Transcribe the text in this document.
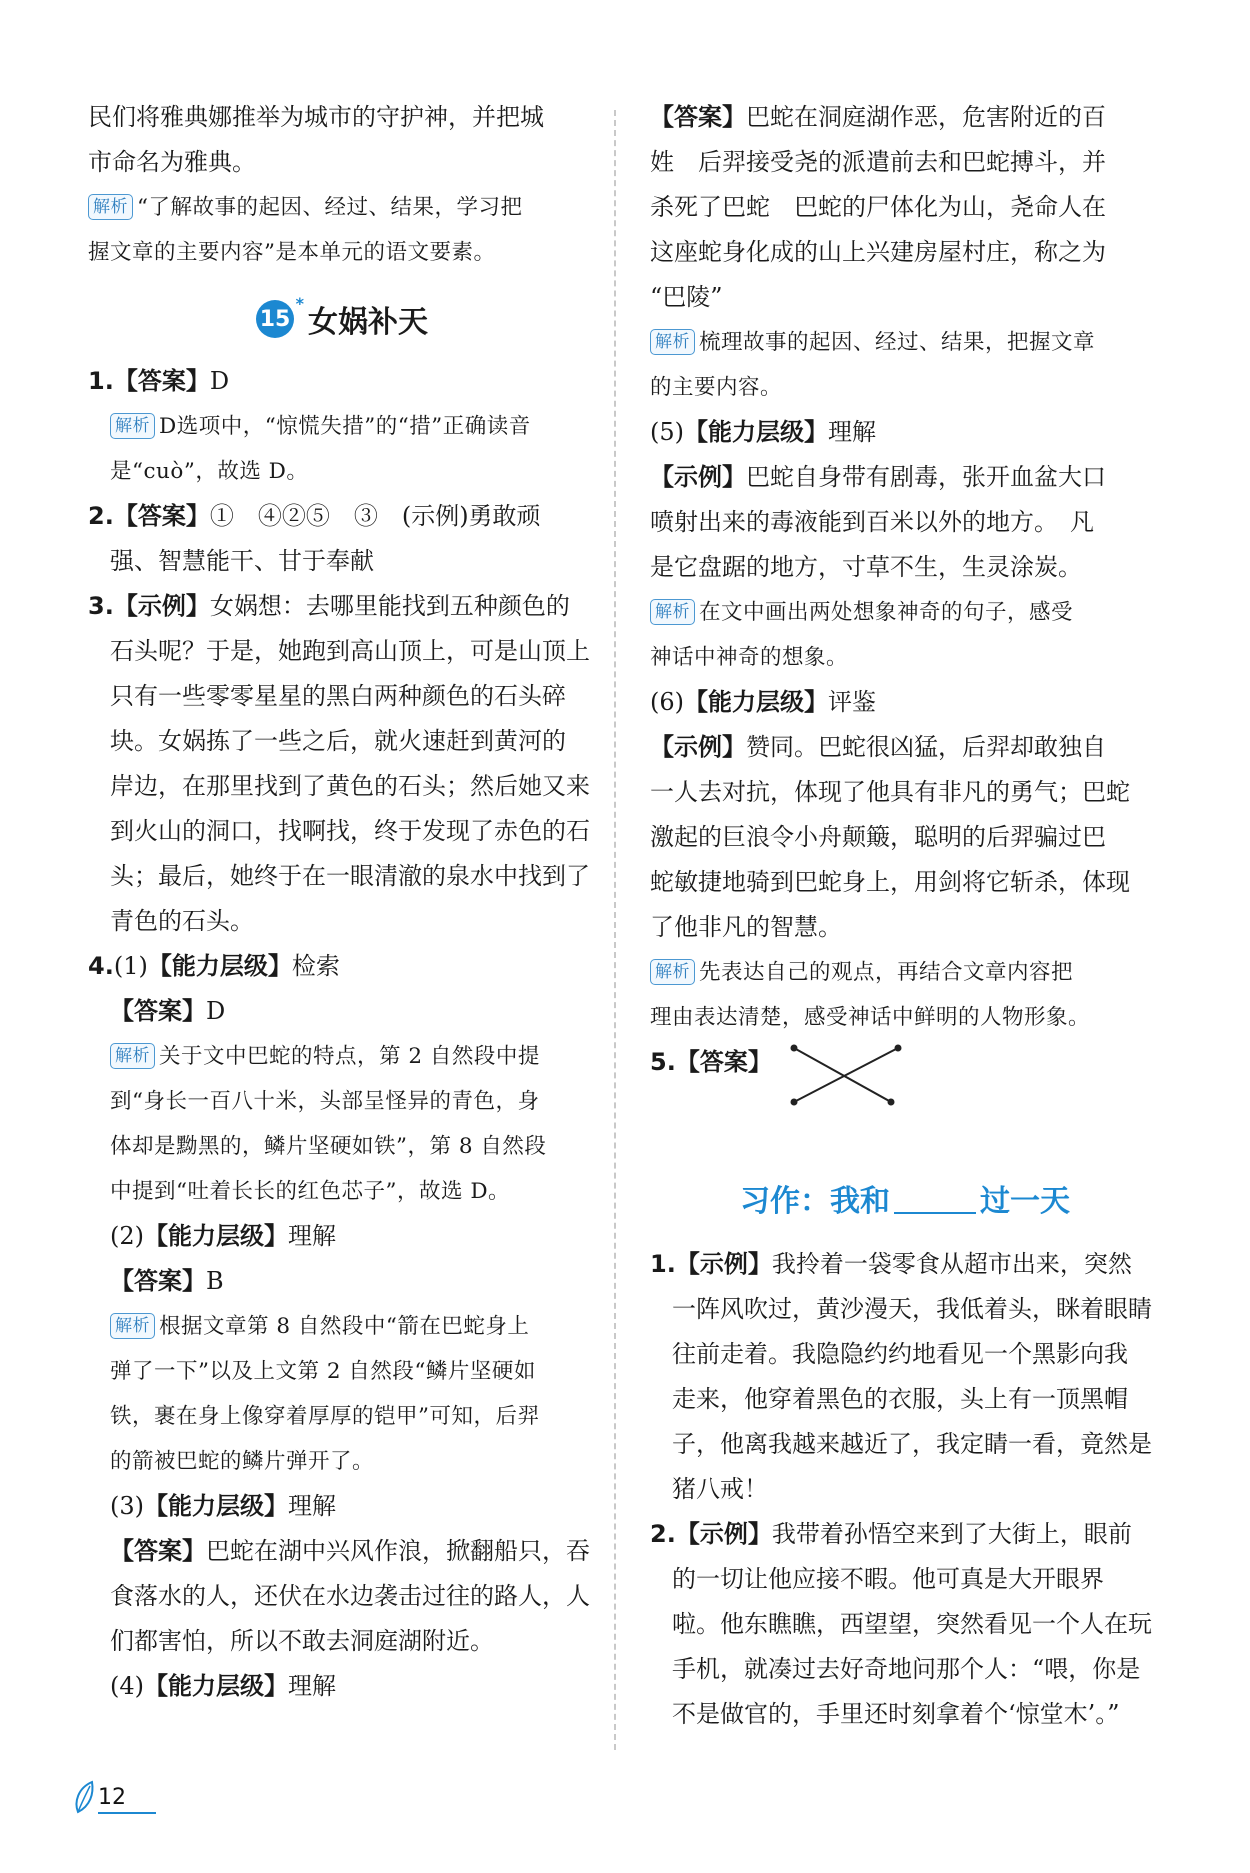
民们将雅典娜推举为城市的守护神，并把城

市命名为雅典。

解析 “了解故事的起因、经过、结果，学习把

握文章的主要内容”是本单元的语文要素。

15
*
女娲补天

1.【答案】D

解析 D选项中，“惊慌失措”的“措”正确读音

是“cuò”，故选 D。

2.【答案】①　④②⑤　③　(示例)勇敢顽

强、智慧能干、甘于奉献

3.【示例】女娲想：去哪里能找到五种颜色的

石头呢？于是，她跑到高山顶上，可是山顶上

只有一些零零星星的黑白两种颜色的石头碎

块。女娲拣了一些之后，就火速赶到黄河的

岸边，在那里找到了黄色的石头；然后她又来

到火山的洞口，找啊找，终于发现了赤色的石

头；最后，她终于在一眼清澈的泉水中找到了

青色的石头。

4.(1)【能力层级】检索

【答案】D

解析 关于文中巴蛇的特点，第 2 自然段中提

到“身长一百八十米，头部呈怪异的青色，身

体却是黝黑的，鳞片坚硬如铁”，第 8 自然段

中提到“吐着长长的红色芯子”，故选 D。

(2)【能力层级】理解

【答案】B

解析 根据文章第 8 自然段中“箭在巴蛇身上

弹了一下”以及上文第 2 自然段“鳞片坚硬如

铁，裹在身上像穿着厚厚的铠甲”可知，后羿

的箭被巴蛇的鳞片弹开了。

(3)【能力层级】理解

【答案】巴蛇在湖中兴风作浪，掀翻船只，吞

食落水的人，还伏在水边袭击过往的路人，人

们都害怕，所以不敢去洞庭湖附近。

(4)【能力层级】理解

【答案】巴蛇在洞庭湖作恶，危害附近的百

姓　后羿接受尧的派遣前去和巴蛇搏斗，并

杀死了巴蛇　巴蛇的尸体化为山，尧命人在

这座蛇身化成的山上兴建房屋村庄，称之为

“巴陵”

解析 梳理故事的起因、经过、结果，把握文章

的主要内容。

(5)【能力层级】理解

【示例】巴蛇自身带有剧毒，张开血盆大口

喷射出来的毒液能到百米以外的地方。　凡

是它盘踞的地方，寸草不生，生灵涂炭。

解析 在文中画出两处想象神奇的句子，感受

神话中神奇的想象。

(6)【能力层级】评鉴

【示例】赞同。巴蛇很凶猛，后羿却敢独自

一人去对抗，体现了他具有非凡的勇气；巴蛇

激起的巨浪令小舟颠簸，聪明的后羿骗过巴

蛇敏捷地骑到巴蛇身上，用剑将它斩杀，体现

了他非凡的智慧。

解析 先表达自己的观点，再结合文章内容把

理由表达清楚，感受神话中鲜明的人物形象。

5.【答案】

习作：我和	过一天

1.【示例】我拎着一袋零食从超市出来，突然

一阵风吹过，黄沙漫天，我低着头，眯着眼睛

往前走着。我隐隐约约地看见一个黑影向我

走来，他穿着黑色的衣服，头上有一顶黑帽

子，他离我越来越近了，我定睛一看，竟然是

猪八戒！

2.【示例】我带着孙悟空来到了大街上，眼前

的一切让他应接不暇。他可真是大开眼界

啦。他东瞧瞧，西望望，突然看见一个人在玩

手机，就凑过去好奇地问那个人：“喂，你是

不是做官的，手里还时刻拿着个‘惊堂木’。”

12
